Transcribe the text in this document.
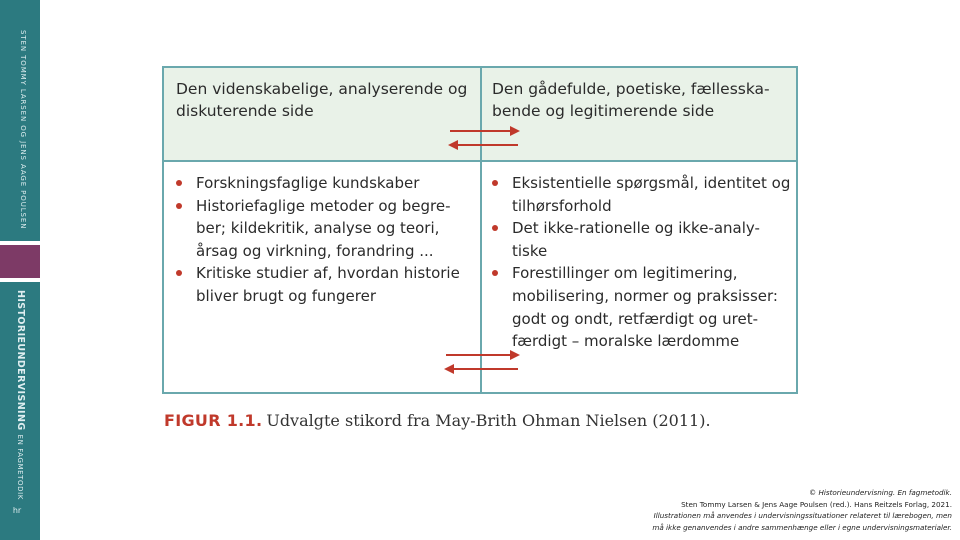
STEN TOMMY LARSEN OG JENS AAGE POULSEN
HISTORIEUNDERVISNINGEN FAGMETODIK
hr
Den videnskabelige, analyserende og diskuterende side
Den gådefulde, poetiske, fællesska-bende og legitimerende side
Forskningsfaglige kundskaber
Historiefaglige metoder og begre-ber; kildekritik, analyse og teori, årsag og virkning, forandring ...
Kritiske studier af, hvordan historie bliver brugt og fungerer
Eksistentielle spørgsmål, identitet og tilhørsforhold
Det ikke-rationelle og ikke-analy-tiske
Forestillinger om legitimering, mobilisering, normer og praksisser: godt og ondt, retfærdigt og uret-færdigt – moralske lærdomme
FIGUR 1.1. Udvalgte stikord fra May-Brith Ohman Nielsen (2011).
© Historieundervisning. En fagmetodik.
Sten Tommy Larsen & Jens Aage Poulsen (red.). Hans Reitzels Forlag, 2021.
Illustrationen må anvendes i undervisningssituationer relateret til lærebogen, men
må ikke genanvendes i andre sammenhænge eller i egne undervisningsmaterialer.
